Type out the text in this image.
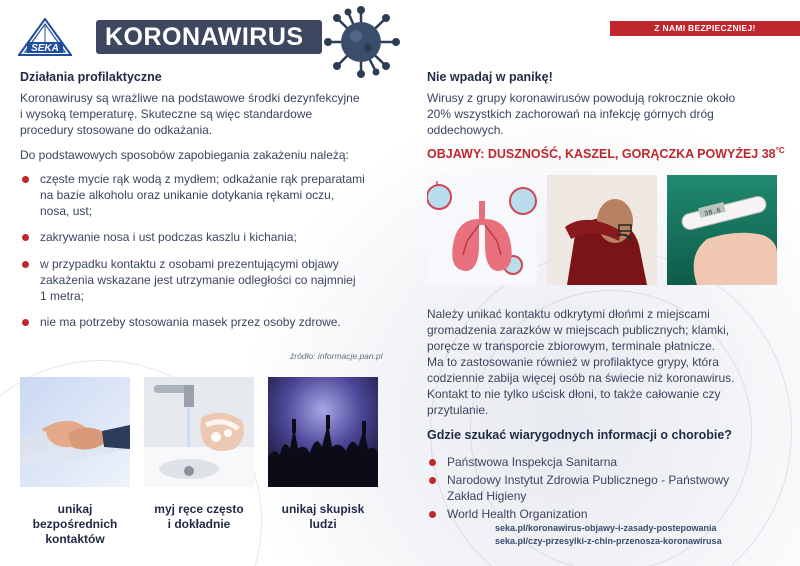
SEKA	KORONAWIRUS	Z NAMI BEZPIECZNIEJ!
Działania profilaktyczne
Koronawirusy są wrażliwe na podstawowe środki dezynfekcyjne
i wysoką temperaturę. Skuteczne są więc standardowe
procedury stosowane do odkażania.
Do podstawowych sposobów zapobiegania zakażeniu należą:
częste mycie rąk wodą z mydłem; odkażanie rąk preparatami
na bazie alkoholu oraz unikanie dotykania rękami oczu,
nosa, ust;
zakrywanie nosa i ust podczas kaszlu i kichania;
w przypadku kontaktu z osobami prezentującymi objawy
zakażenia wskazane jest utrzymanie odległości co najmniej
1 metra;
nie ma potrzeby stosowania masek przez osoby zdrowe.
źródło: informacje.pan.pl
unikaj
bezpośrednich
kontaktów
myj ręce często
i dokładnie
unikaj skupisk
ludzi
Nie wpadaj w panikę!
Wirusy z grupy koronawirusów powodują rokrocznie około
20% wszystkich zachorowań na infekcję górnych dróg
oddechowych.
OBJAWY: DUSZNOŚĆ, KASZEL, GORĄCZKA POWYŻEJ $38^{^\circ C}$
38.6
Należy unikać kontaktu odkrytymi dłońmi z miejscami
gromadzenia zarazków w miejscach publicznych; klamki,
poręcze w transporcie zbiorowym, terminale płatnicze.
Ma to zastosowanie również w profilaktyce grypy, która
codziennie zabija więcej osób na świecie niż koronawirus.
Kontakt to nie tylko uścisk dłoni, to także całowanie czy
przytulanie.
Gdzie szukać wiarygodnych informacji o chorobie?
Państwowa Inspekcja Sanitarna
Narodowy Instytut Zdrowia Publicznego - Państwowy
Zakład Higieny
World Health Organization
seka.pl/koronawirus-objawy-i-zasady-postepowania
seka.pl/czy-przesylki-z-chin-przenosza-koronawirusa
